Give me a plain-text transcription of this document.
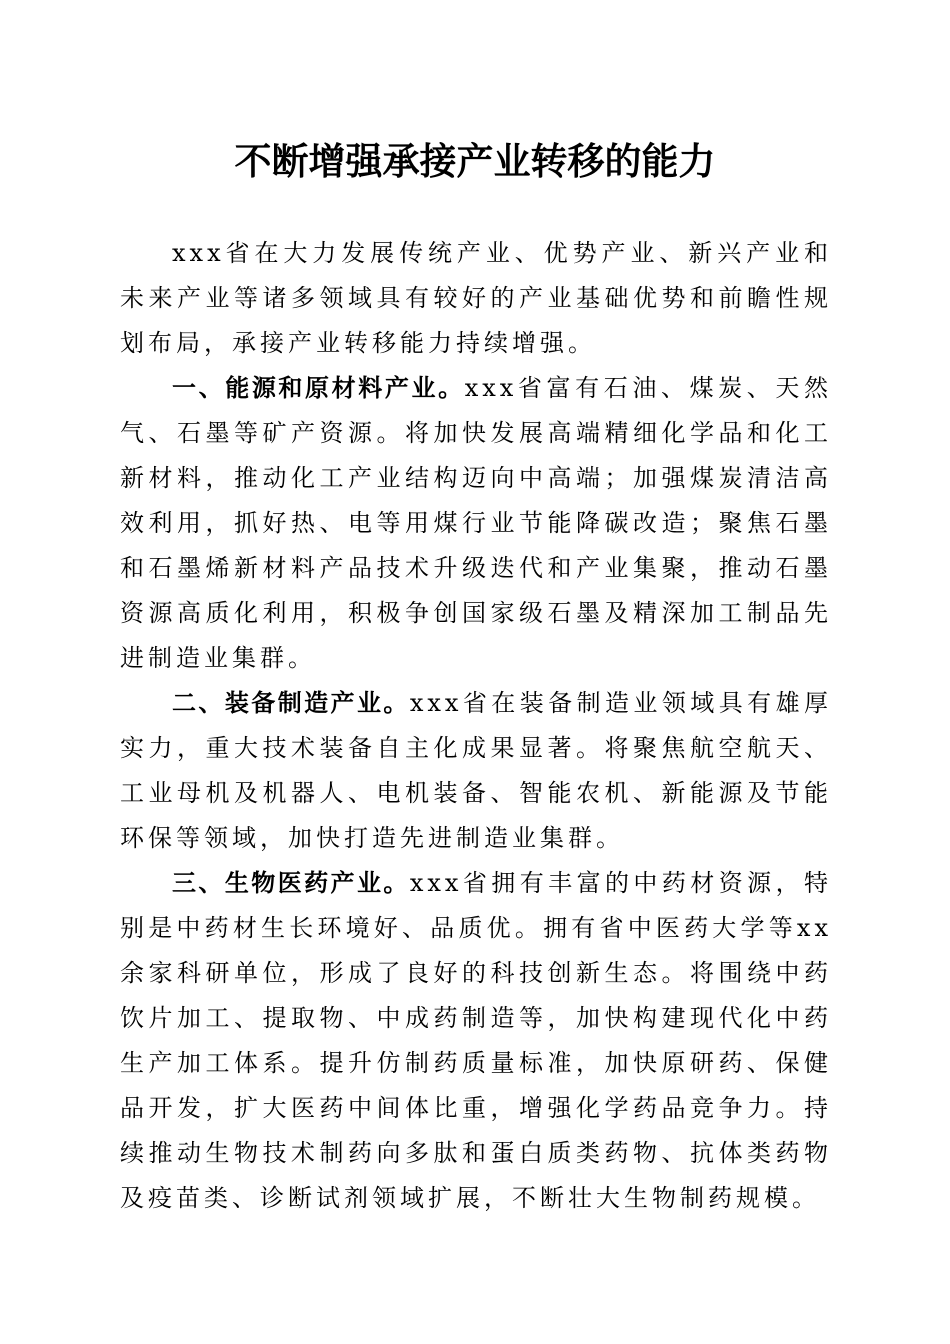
不断增强承接产业转移的能力

xxx省在大力发展传统产业、优势产业、新兴产业和未来产业等诸多领域具有较好的产业基础优势和前瞻性规划布局，承接产业转移能力持续增强。

一、能源和原材料产业。xxx省富有石油、煤炭、天然气、石墨等矿产资源。将加快发展高端精细化学品和化工新材料，推动化工产业结构迈向中高端；加强煤炭清洁高效利用，抓好热、电等用煤行业节能降碳改造；聚焦石墨和石墨烯新材料产品技术升级迭代和产业集聚，推动石墨资源高质化利用，积极争创国家级石墨及精深加工制品先进制造业集群。

二、装备制造产业。xxx省在装备制造业领域具有雄厚实力，重大技术装备自主化成果显著。将聚焦航空航天、工业母机及机器人、电机装备、智能农机、新能源及节能环保等领域，加快打造先进制造业集群。

三、生物医药产业。xxx省拥有丰富的中药材资源，特别是中药材生长环境好、品质优。拥有省中医药大学等xx余家科研单位，形成了良好的科技创新生态。将围绕中药饮片加工、提取物、中成药制造等，加快构建现代化中药生产加工体系。提升仿制药质量标准，加快原研药、保健品开发，扩大医药中间体比重，增强化学药品竞争力。持续推动生物技术制药向多肽和蛋白质类药物、抗体类药物及疫苗类、诊断试剂领域扩展，不断壮大生物制药规模。
